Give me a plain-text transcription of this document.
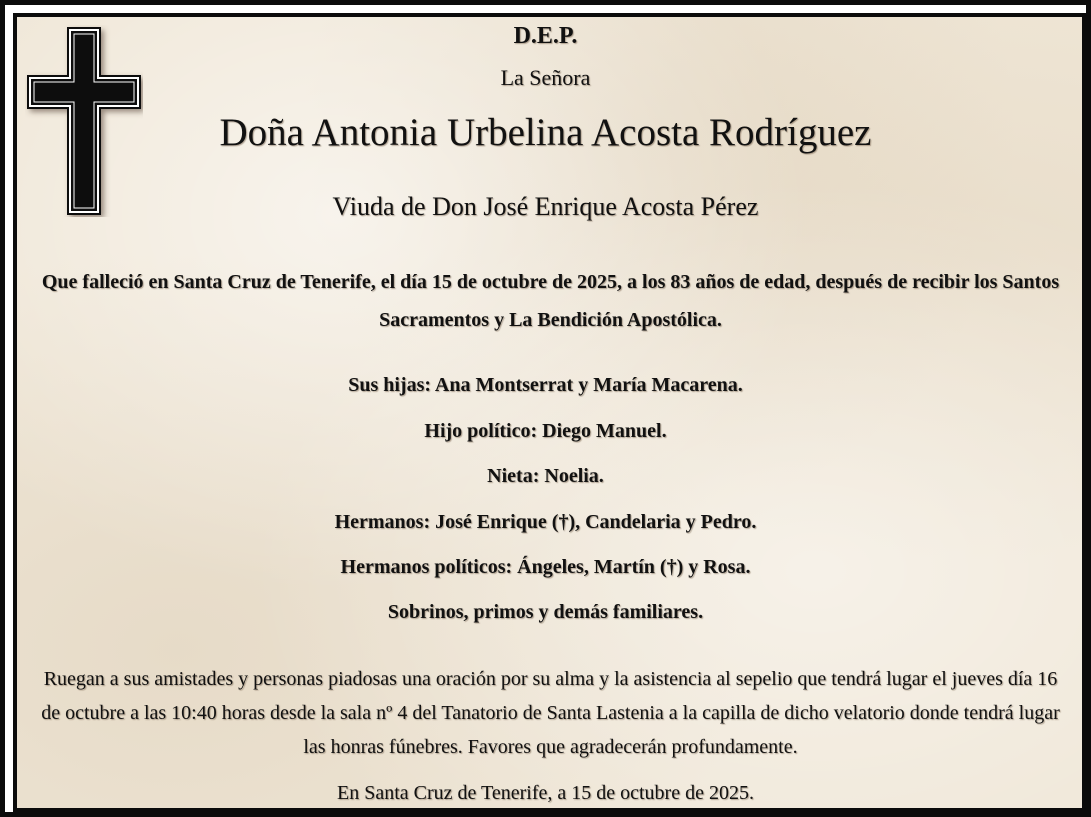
D.E.P.
La Señora
Doña Antonia Urbelina Acosta Rodríguez
Viuda de Don José Enrique Acosta Pérez
Que falleció en Santa Cruz de Tenerife, el día 15 de octubre de 2025, a los 83 años de edad, después de recibir los Santos Sacramentos y La Bendición Apostólica.
Sus hijas: Ana Montserrat y María Macarena.
Hijo político: Diego Manuel.
Nieta: Noelia.
Hermanos: José Enrique (†), Candelaria y Pedro.
Hermanos políticos: Ángeles, Martín (†) y Rosa.
Sobrinos, primos y demás familiares.
Ruegan a sus amistades y personas piadosas una oración por su alma y la asistencia al sepelio que tendrá lugar el jueves día 16 de octubre a las 10:40 horas desde la sala nº 4 del Tanatorio de Santa Lastenia a la capilla de dicho velatorio donde tendrá lugar las honras fúnebres. Favores que agradecerán profundamente.
En Santa Cruz de Tenerife, a 15 de octubre de 2025.
